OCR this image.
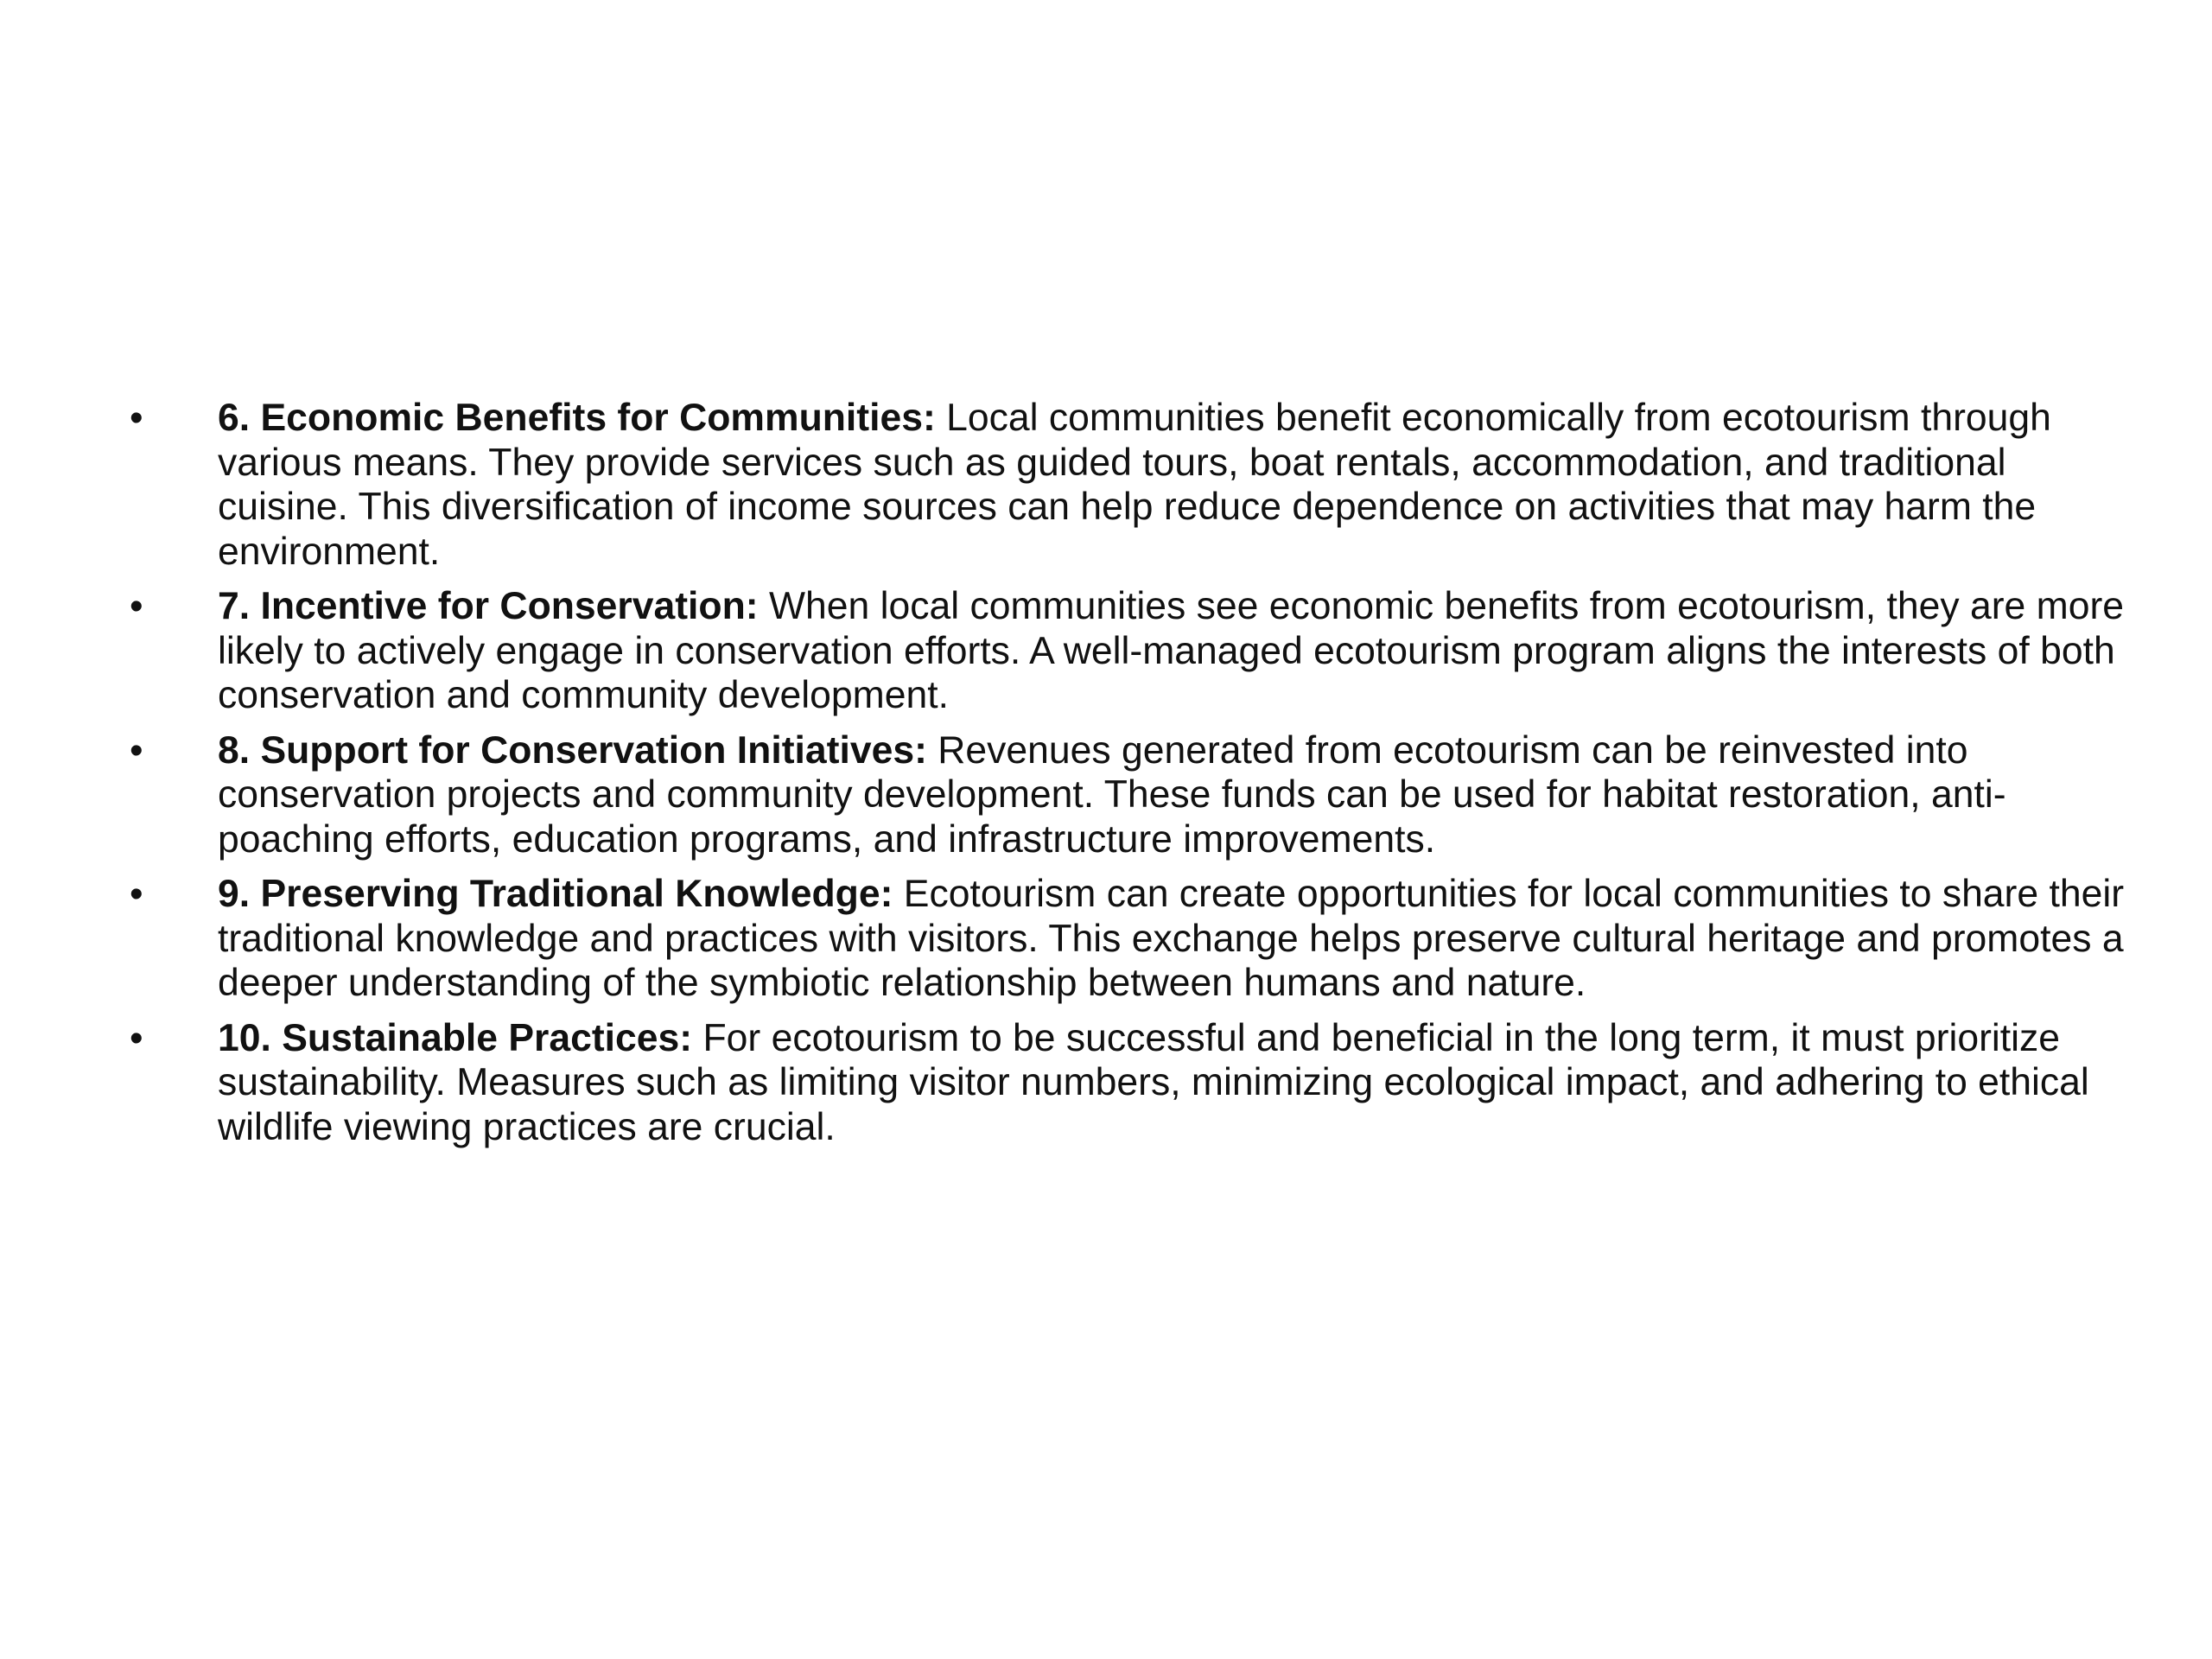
•	6. Economic Benefits for Communities: Local communities benefit economically from ecotourism through various means. They provide services such as guided tours, boat rentals, accommodation, and traditional cuisine. This diversification of income sources can help reduce dependence on activities that may harm the environment.
•	7. Incentive for Conservation: When local communities see economic benefits from ecotourism, they are more likely to actively engage in conservation efforts. A well-managed ecotourism program aligns the interests of both conservation and community development.
•	8. Support for Conservation Initiatives: Revenues generated from ecotourism can be reinvested into conservation projects and community development. These funds can be used for habitat restoration, anti-poaching efforts, education programs, and infrastructure improvements.
•	9. Preserving Traditional Knowledge: Ecotourism can create opportunities for local communities to share their traditional knowledge and practices with visitors. This exchange helps preserve cultural heritage and promotes a deeper understanding of the symbiotic relationship between humans and nature.
•	10. Sustainable Practices: For ecotourism to be successful and beneficial in the long term, it must prioritize sustainability. Measures such as limiting visitor numbers, minimizing ecological impact, and adhering to ethical wildlife viewing practices are crucial.
